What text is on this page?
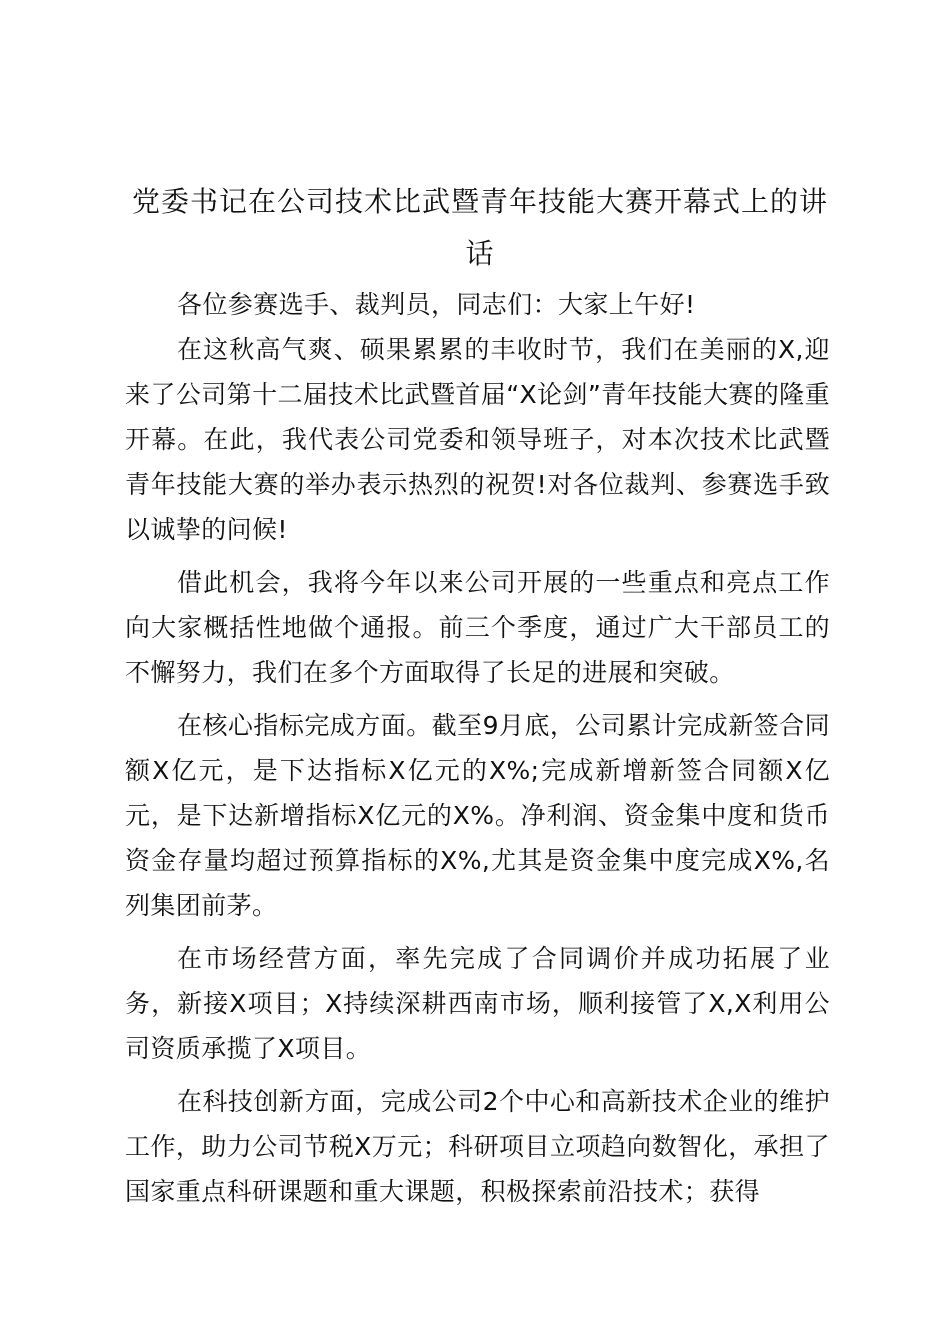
党委书记在公司技术比武暨青年技能大赛开幕式上的讲话

各位参赛选手、裁判员，同志们：大家上午好!

在这秋高气爽、硕果累累的丰收时节，我们在美丽的X,迎来了公司第十二届技术比武暨首届“X论剑”青年技能大赛的隆重开幕。在此，我代表公司党委和领导班子，对本次技术比武暨青年技能大赛的举办表示热烈的祝贺!对各位裁判、参赛选手致以诚挚的问候!

借此机会，我将今年以来公司开展的一些重点和亮点工作向大家概括性地做个通报。前三个季度，通过广大干部员工的不懈努力，我们在多个方面取得了长足的进展和突破。

在核心指标完成方面。截至9月底，公司累计完成新签合同额X亿元，是下达指标X亿元的X%;完成新增新签合同额X亿元，是下达新增指标X亿元的X%。净利润、资金集中度和货币资金存量均超过预算指标的X%,尤其是资金集中度完成X%,名列集团前茅。

在市场经营方面，率先完成了合同调价并成功拓展了业务，新接X项目；X持续深耕西南市场，顺利接管了X,X利用公司资质承揽了X项目。

在科技创新方面，完成公司2个中心和高新技术企业的维护工作，助力公司节税X万元；科研项目立项趋向数智化，承担了国家重点科研课题和重大课题，积极探索前沿技术；获得
